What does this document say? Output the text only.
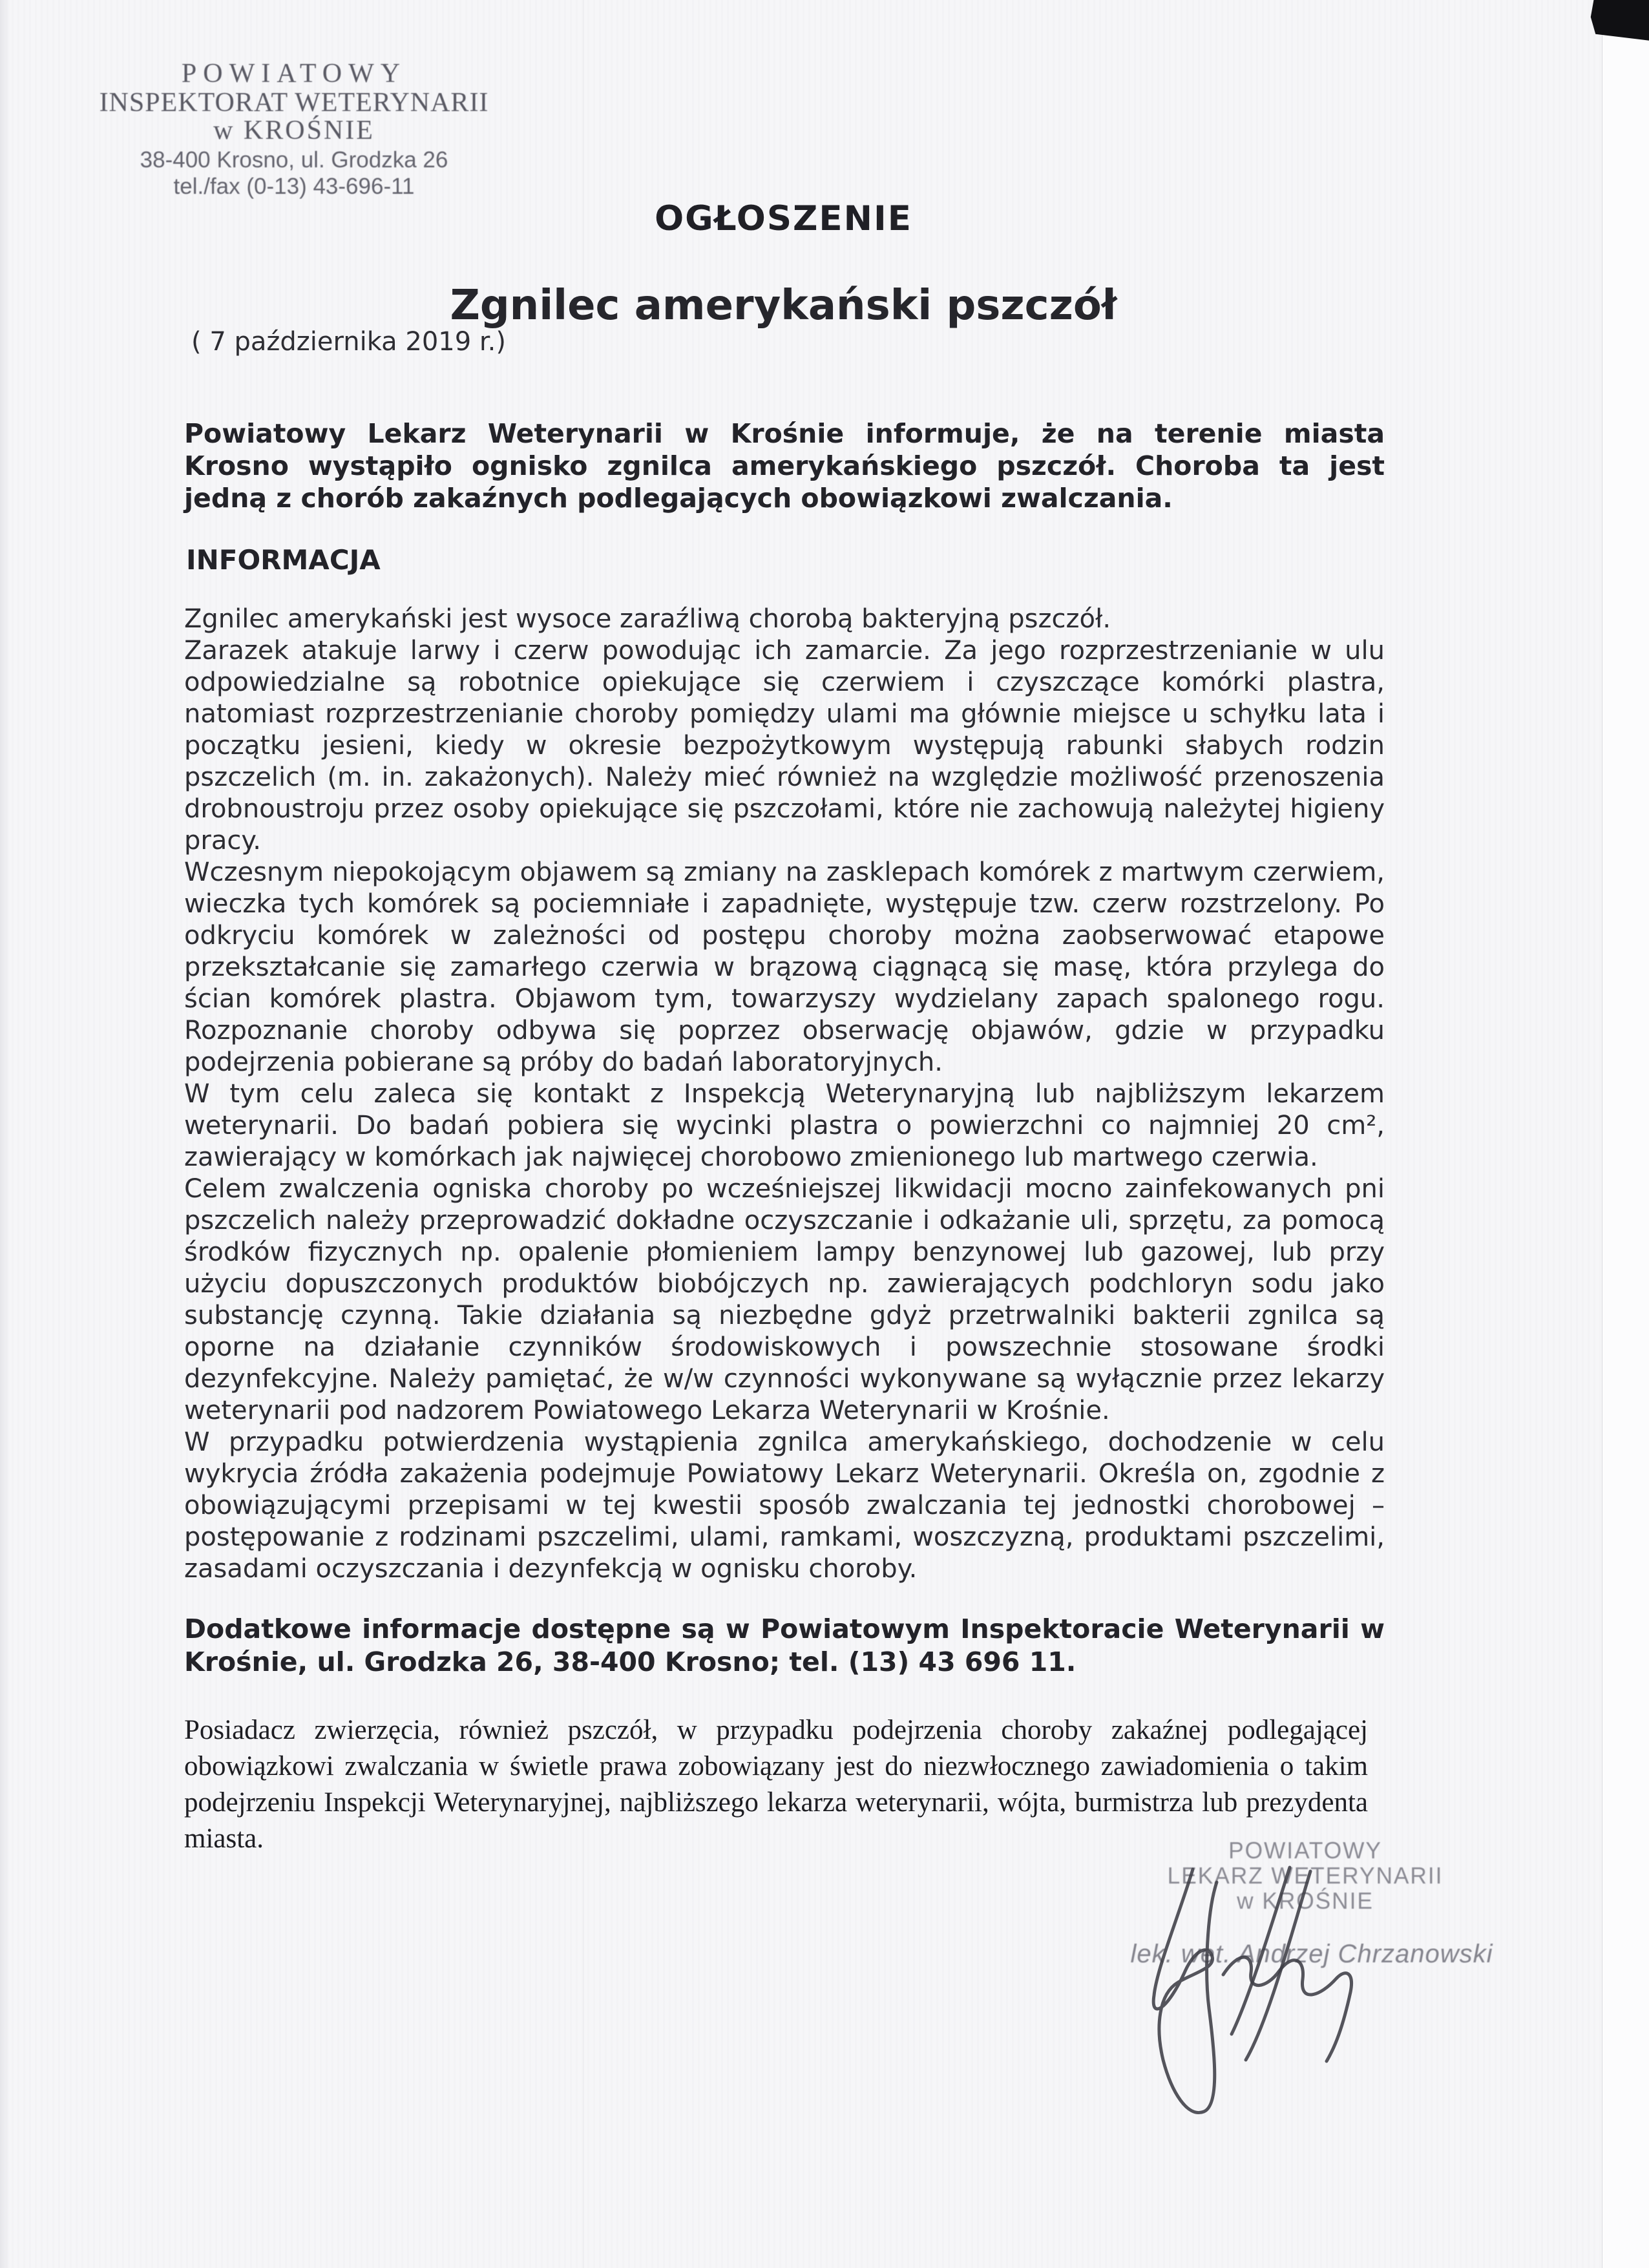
POWIATOWY
INSPEKTORAT WETERYNARII
w KROŚNIE
38-400 Krosno, ul. Grodzka 26
tel./fax (0-13) 43-696-11
OGŁOSZENIE
Zgnilec amerykański pszczół
( 7 października 2019 r.)
Powiatowy Lekarz Weterynarii w Krośnie informuje, że na terenie miasta Krosno wystąpiło ognisko zgnilca amerykańskiego pszczół. Choroba ta jest jedną z chorób zakaźnych podlegających obowiązkowi zwalczania.
INFORMACJA

Zgnilec amerykański jest wysoce zaraźliwą chorobą bakteryjną pszczół.

Zarazek atakuje larwy i czerw powodując ich zamarcie. Za jego rozprzestrzenianie w ulu odpowiedzialne są robotnice opiekujące się czerwiem i czyszczące komórki plastra, natomiast rozprzestrzenianie choroby pomiędzy ulami ma głównie miejsce u schyłku lata i początku jesieni, kiedy w okresie bezpożytkowym występują rabunki słabych rodzin pszczelich (m. in. zakażonych). Należy mieć również na względzie możliwość przenoszenia drobnoustroju przez osoby opiekujące się pszczołami, które nie zachowują należytej higieny pracy.

Wczesnym niepokojącym objawem są zmiany na zasklepach komórek z martwym czerwiem, wieczka tych komórek są pociemniałe i zapadnięte, występuje tzw. czerw rozstrzelony. Po odkryciu komórek w zależności od postępu choroby można zaobserwować etapowe przekształcanie się zamarłego czerwia w brązową ciągnącą się masę, która przylega do ścian komórek plastra. Objawom tym, towarzyszy wydzielany zapach spalonego rogu. Rozpoznanie choroby odbywa się poprzez obserwację objawów, gdzie w przypadku podejrzenia pobierane są próby do badań laboratoryjnych.

W tym celu zaleca się kontakt z Inspekcją Weterynaryjną lub najbliższym lekarzem weterynarii. Do badań pobiera się wycinki plastra o powierzchni co najmniej 20 cm², zawierający w komórkach jak najwięcej chorobowo zmienionego lub martwego czerwia.

Celem zwalczenia ogniska choroby po wcześniejszej likwidacji mocno zainfekowanych pni pszczelich należy przeprowadzić dokładne oczyszczanie i odkażanie uli, sprzętu, za pomocą środków fizycznych np. opalenie płomieniem lampy benzynowej lub gazowej, lub przy użyciu dopuszczonych produktów biobójczych np. zawierających podchloryn sodu jako substancję czynną. Takie działania są niezbędne gdyż przetrwalniki bakterii zgnilca są oporne na działanie czynników środowiskowych i powszechnie stosowane środki dezynfekcyjne. Należy pamiętać, że w/w czynności wykonywane są wyłącznie przez lekarzy weterynarii pod nadzorem Powiatowego Lekarza Weterynarii w Krośnie.

W przypadku potwierdzenia wystąpienia zgnilca amerykańskiego, dochodzenie w celu wykrycia źródła zakażenia podejmuje Powiatowy Lekarz Weterynarii. Określa on, zgodnie z obowiązującymi przepisami w tej kwestii sposób zwalczania tej jednostki chorobowej – postępowanie z rodzinami pszczelimi, ulami, ramkami, woszczyzną, produktami pszczelimi, zasadami oczyszczania i dezynfekcją w ognisku choroby.

Dodatkowe informacje dostępne są w Powiatowym Inspektoracie Weterynarii w Krośnie, ul. Grodzka 26, 38-400 Krosno; tel. (13) 43 696 11.
Posiadacz zwierzęcia, również pszczół, w przypadku podejrzenia choroby zakaźnej podlegającej obowiązkowi zwalczania w świetle prawa zobowiązany jest do niezwłocznego zawiadomienia o takim podejrzeniu Inspekcji Weterynaryjnej, najbliższego lekarza weterynarii, wójta, burmistrza lub prezydenta miasta.	POWIATOWY
LEKARZ WETERYNARII
w KROŚNIE
lek. wet. Andrzej Chrzanowski
